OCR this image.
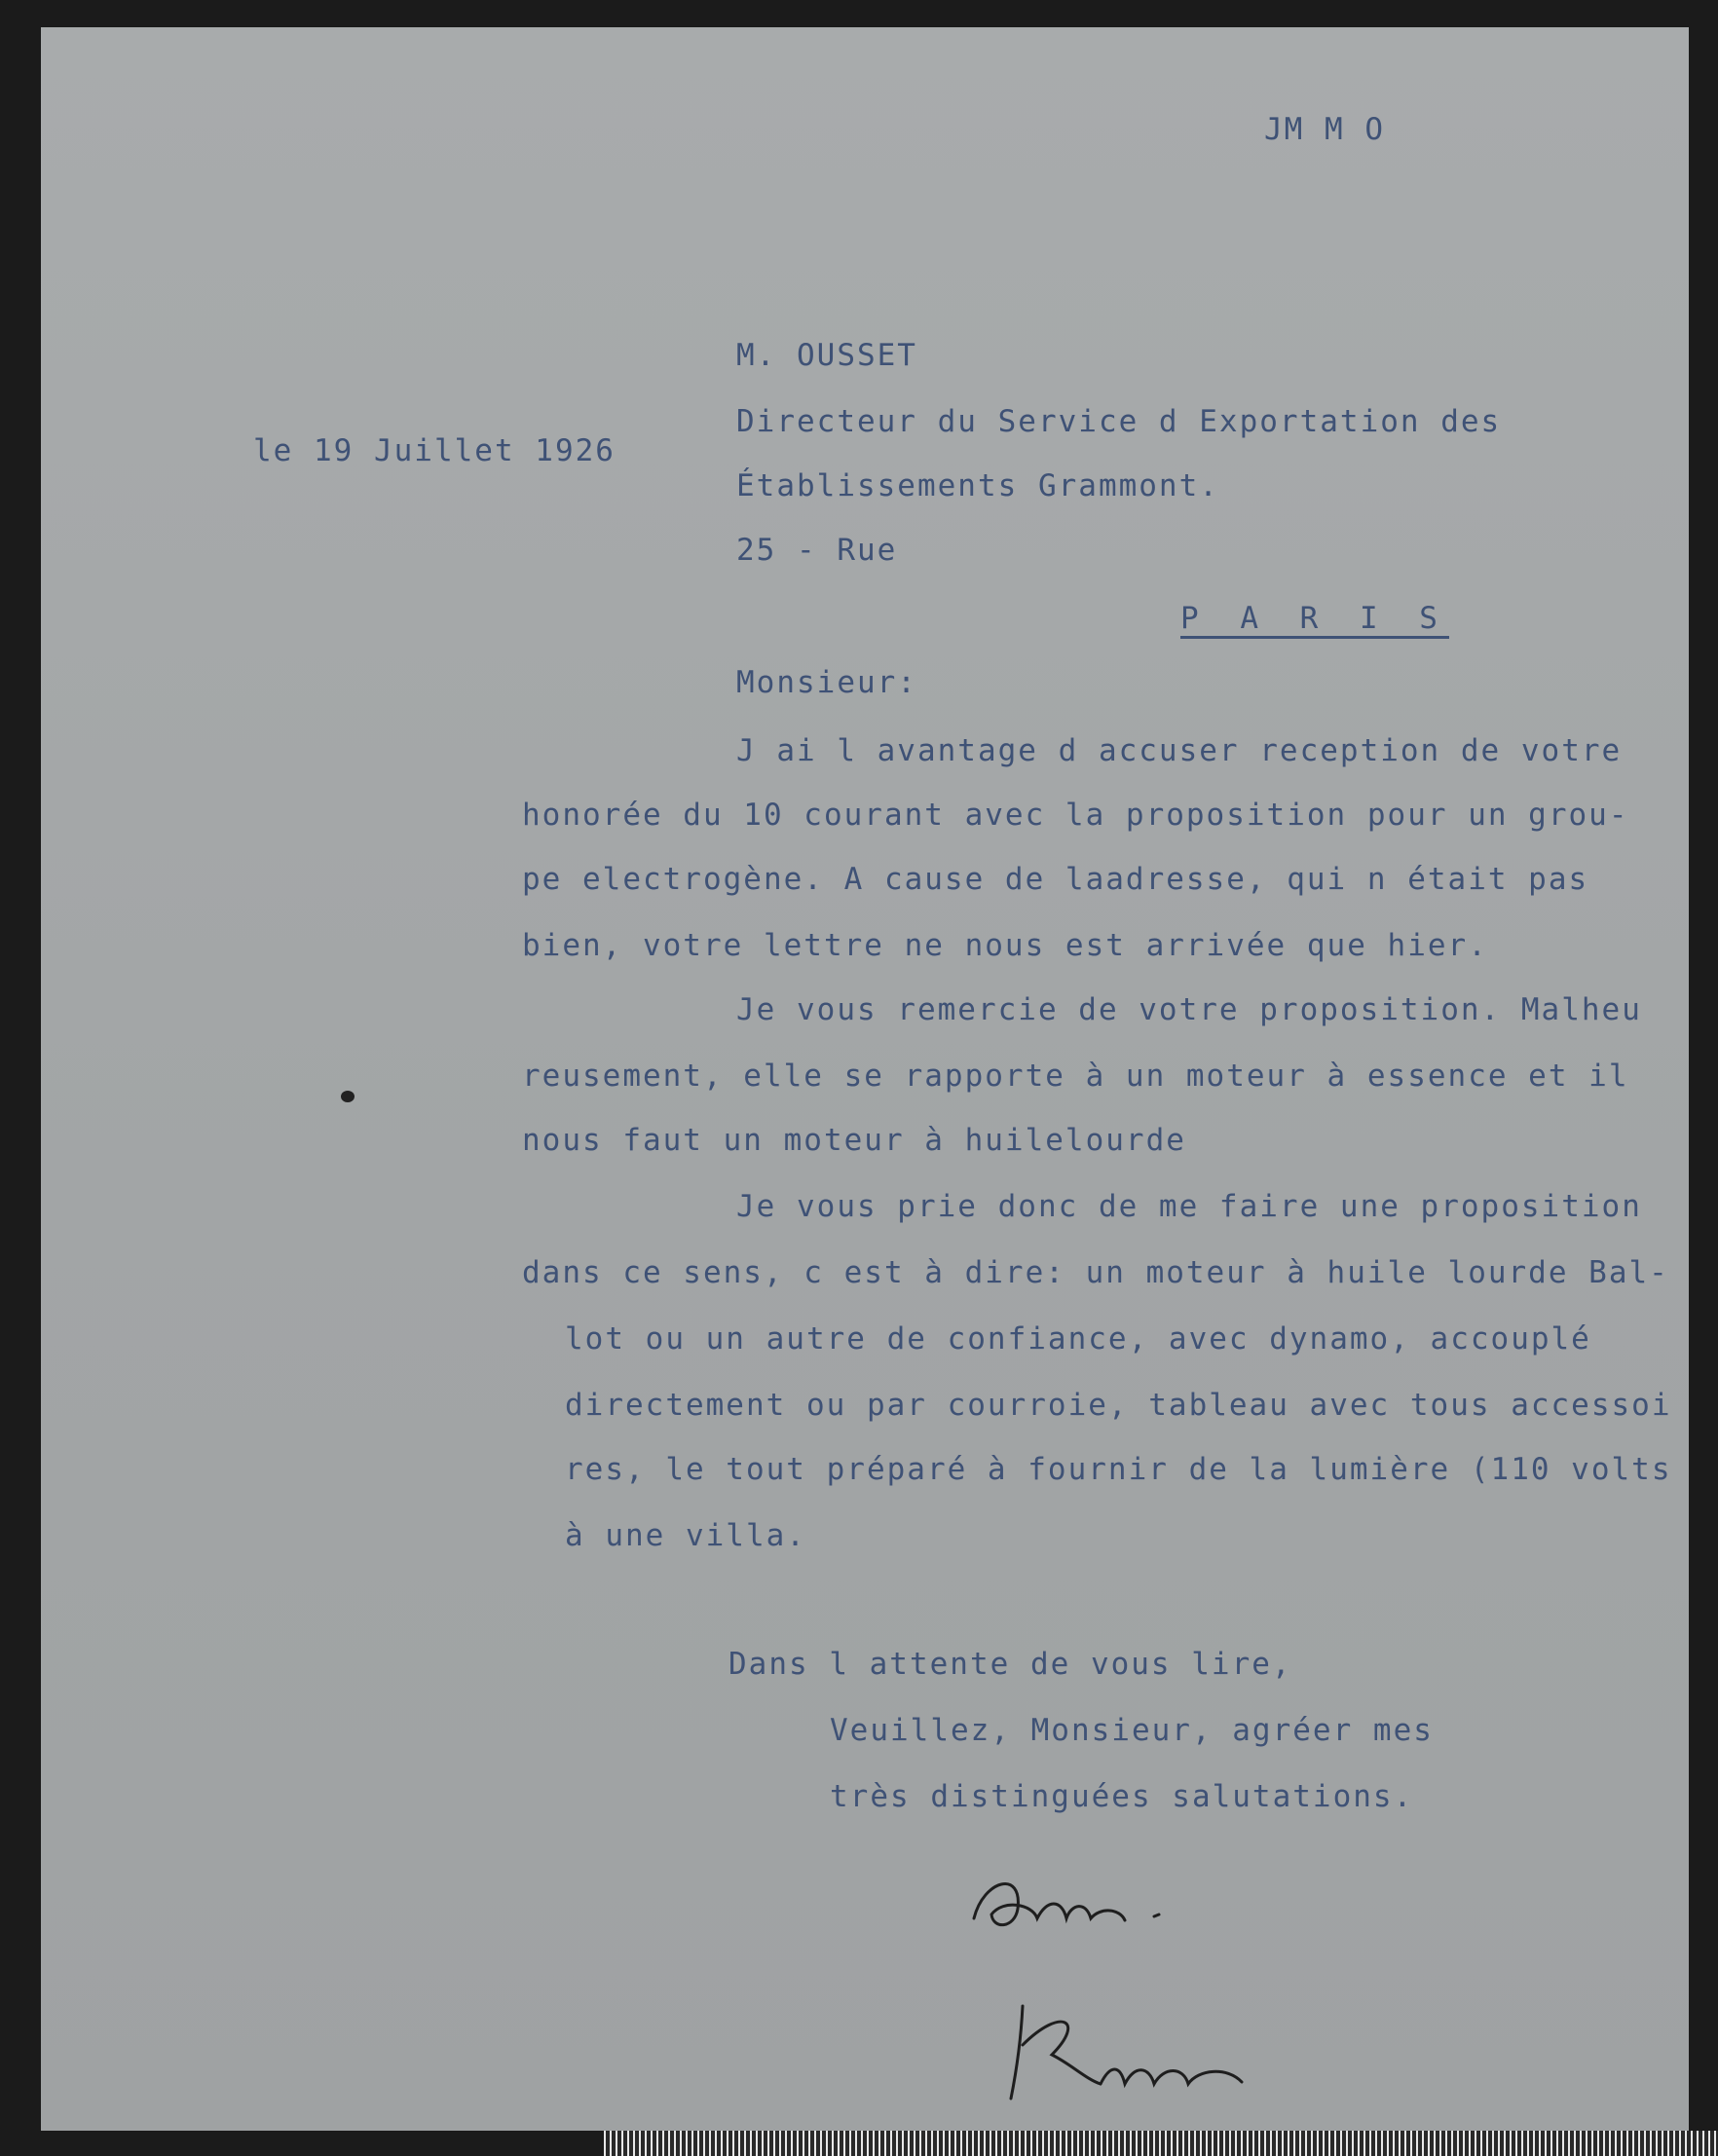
JM M O

le 19 Juillet 1926

M. OUSSET

Directeur du Service d Exportation des

Établissements Grammont.

25 - Rue

P A R I S

Monsieur:

J ai l avantage d accuser reception de votre

honorée du 10 courant avec la proposition pour un grou-

pe electrogène. A cause de laadresse, qui n était pas

bien, votre lettre ne nous est arrivée que hier.

Je vous remercie de votre proposition. Malheu

reusement, elle se rapporte à un moteur à essence et il

nous faut un moteur à huilelourde

Je vous prie donc de me faire une proposition

dans ce sens, c est à dire: un moteur à huile lourde Bal-

lot ou un autre de confiance, avec dynamo, accouplé

directement ou par courroie, tableau avec tous accessoi

res, le tout préparé à fournir de la lumière (110 volts

à une villa.

Dans l attente de vous lire,

Veuillez, Monsieur, agréer mes

très distinguées salutations.
